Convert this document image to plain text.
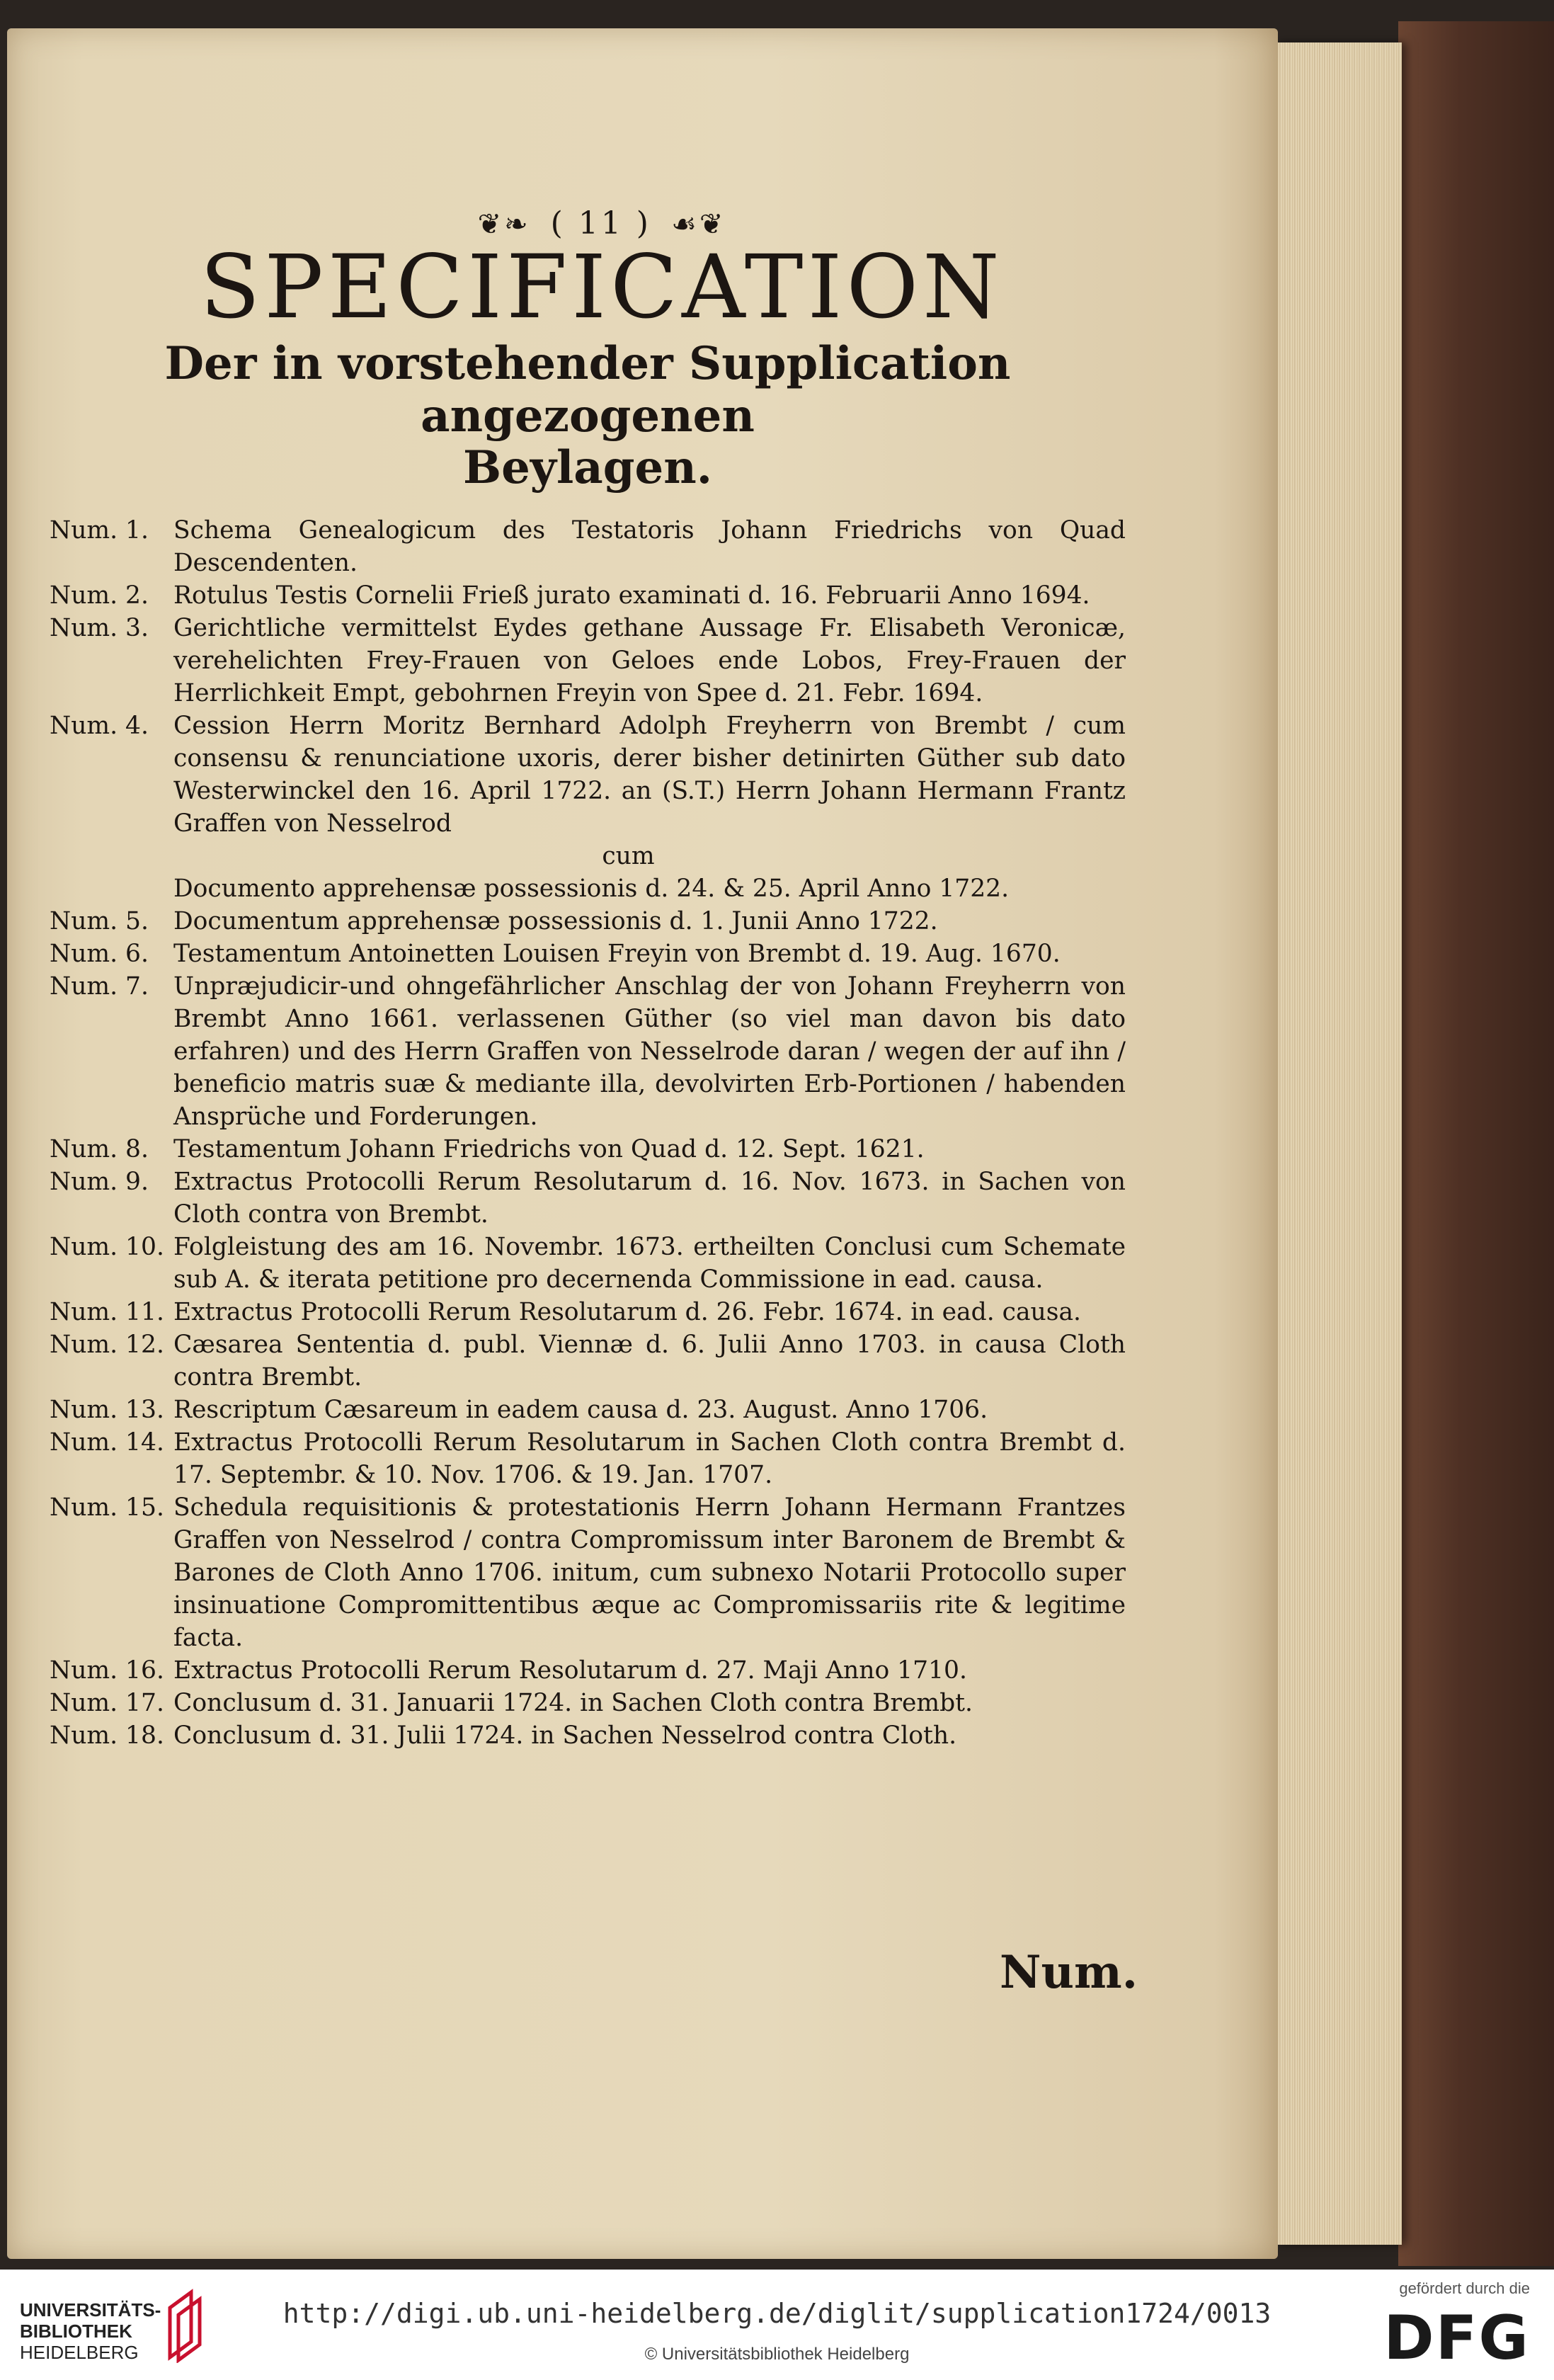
❦❧ ( 11 ) ☙❦
SPECIFICATION
Der in vorstehender Supplication angezogenen
Beylagen.
Num. 1.	Schema Genealogicum des Testatoris Johann Friedrichs von Quad Descendenten.
Num. 2.	Rotulus Testis Cornelii Frieß jurato examinati d. 16. Februarii Anno 1694.
Num. 3.	Gerichtliche vermittelst Eydes gethane Aussage Fr. Elisabeth Veronicæ, verehelichten Frey-Frauen von Geloes ende Lobos, Frey-Frauen der Herrlichkeit Empt, gebohrnen Freyin von Spee d. 21. Febr. 1694.
Num. 4.	Cession Herrn Moritz Bernhard Adolph Freyherrn von Brembt / cum consensu & renunciatione uxoris, derer bisher detinirten Güther sub dato Westerwinckel den 16. April 1722. an (S.T.) Herrn Johann Hermann Frantz Graffen von Nesselrod
cum
Documento apprehensæ possessionis d. 24. & 25. April Anno 1722.
Num. 5.	Documentum apprehensæ possessionis d. 1. Junii Anno 1722.
Num. 6.	Testamentum Antoinetten Louisen Freyin von Brembt d. 19. Aug. 1670.
Num. 7.	Unpræjudicir-und ohngefährlicher Anschlag der von Johann Freyherrn von Brembt Anno 1661. verlassenen Güther (so viel man davon bis dato erfahren) und des Herrn Graffen von Nesselrode daran / wegen der auf ihn / beneficio matris suæ & mediante illa, devolvirten Erb-Portionen / habenden Ansprüche und Forderungen.
Num. 8.	Testamentum Johann Friedrichs von Quad d. 12. Sept. 1621.
Num. 9.	Extractus Protocolli Rerum Resolutarum d. 16. Nov. 1673. in Sachen von Cloth contra von Brembt.
Num. 10. Folgleistung des am 16. Novembr. 1673. ertheilten Conclusi cum Schemate sub A. & iterata petitione pro decernenda Commissione in ead. causa.
Num. 11. Extractus Protocolli Rerum Resolutarum d. 26. Febr. 1674. in ead. causa.
Num. 12. Cæsarea Sententia d. publ. Viennæ d. 6. Julii Anno 1703. in causa Cloth contra Brembt.
Num. 13. Rescriptum Cæsareum in eadem causa d. 23. August. Anno 1706.
Num. 14. Extractus Protocolli Rerum Resolutarum in Sachen Cloth contra Brembt d. 17. Septembr. & 10. Nov. 1706. & 19. Jan. 1707.
Num. 15. Schedula requisitionis & protestationis Herrn Johann Hermann Frantzes Graffen von Nesselrod / contra Compromissum inter Baronem de Brembt & Barones de Cloth Anno 1706. initum, cum subnexo Notarii Protocollo super insinuatione Compromittentibus æque ac Compromissariis rite & legitime facta.
Num. 16. Extractus Protocolli Rerum Resolutarum d. 27. Maji Anno 1710.
Num. 17. Conclusum d. 31. Januarii 1724. in Sachen Cloth contra Brembt.
Num. 18. Conclusum d. 31. Julii 1724. in Sachen Nesselrod contra Cloth.
Num.
UNIVERSITÄTS-
BIBLIOTHEK
HEIDELBERG
http://digi.ub.uni-heidelberg.de/diglit/supplication1724/0013
© Universitätsbibliothek Heidelberg
gefördert durch die
DFG
